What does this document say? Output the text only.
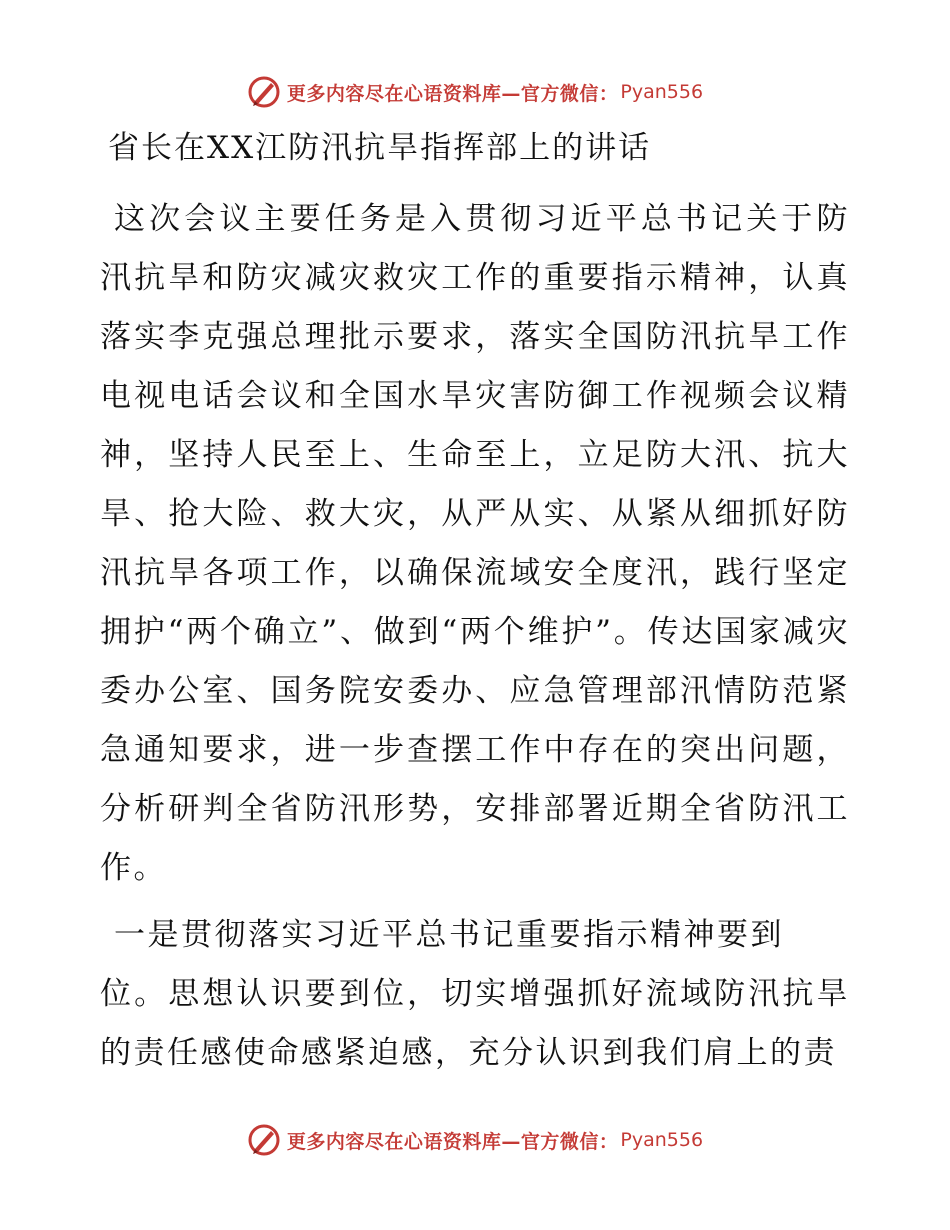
更多内容尽在心语资料库—官方微信： Pyan556
省长在XX江防汛抗旱指挥部上的讲话

这次会议主要任务是入贯彻习近平总书记关于防汛抗旱和防灾减灾救灾工作的重要指示精神，认真落实李克强总理批示要求，落实全国防汛抗旱工作电视电话会议和全国水旱灾害防御工作视频会议精神，坚持人民至上、生命至上，立足防大汛、抗大旱、抢大险、救大灾，从严从实、从紧从细抓好防汛抗旱各项工作，以确保流域安全度汛，践行坚定拥护“两个确立”、做到“两个维护”。传达国家减灾委办公室、国务院安委办、应急管理部汛情防范紧急通知要求，进一步查摆工作中存在的突出问题，分析研判全省防汛形势，安排部署近期全省防汛工作。

一是贯彻落实习近平总书记重要指示精神要到
位。思想认识要到位，切实增强抓好流域防汛抗旱的责任感使命感紧迫感，充分认识到我们肩上的责

更多内容尽在心语资料库—官方微信： Pyan556
